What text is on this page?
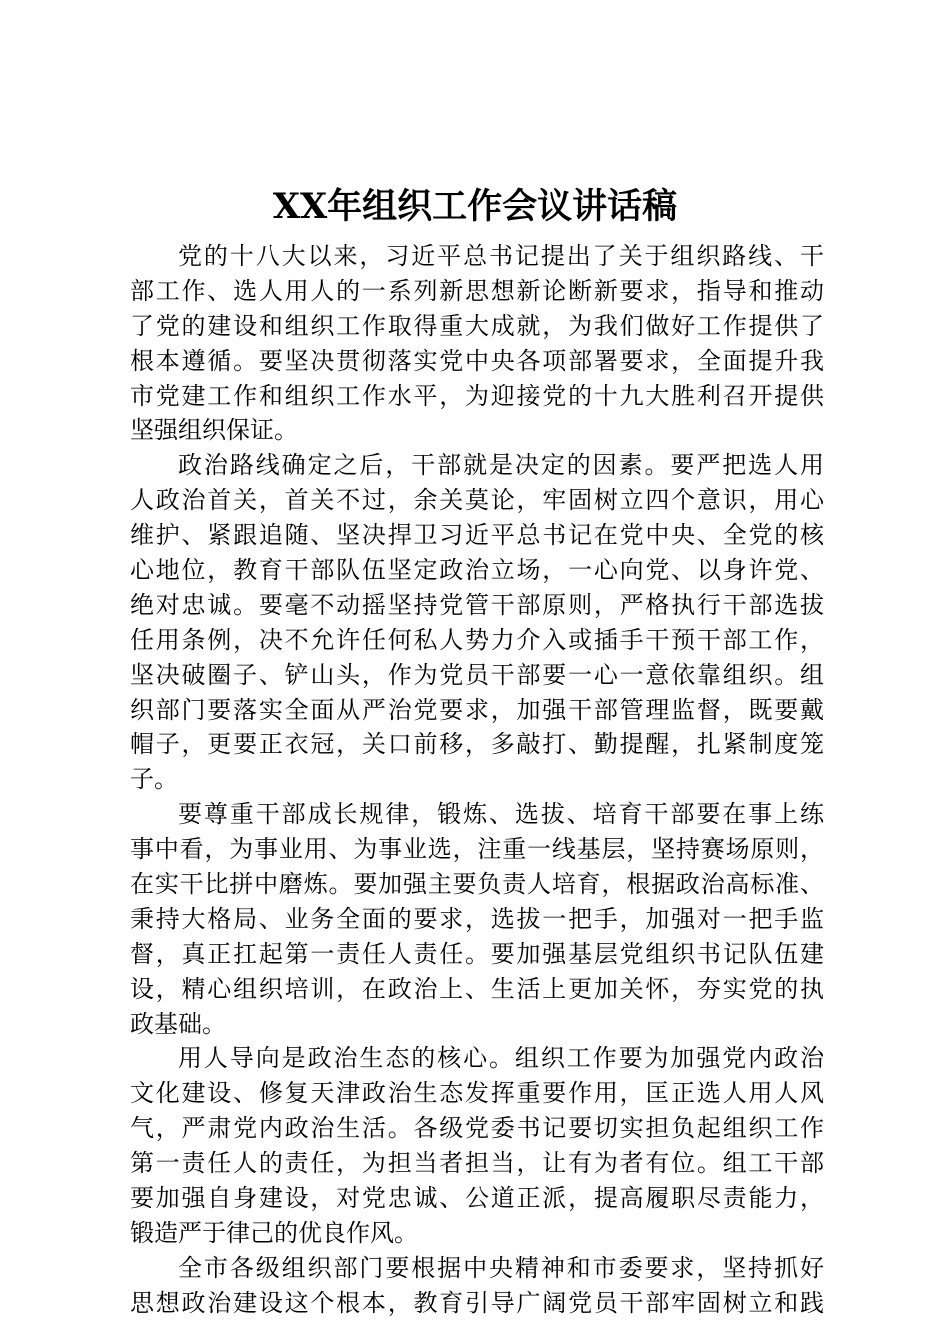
XX年组织工作会议讲话稿
党的十八大以来，习近平总书记提出了关于组织路线、干
部工作、选人用人的一系列新思想新论断新要求，指导和推动
了党的建设和组织工作取得重大成就，为我们做好工作提供了
根本遵循。要坚决贯彻落实党中央各项部署要求，全面提升我
市党建工作和组织工作水平，为迎接党的十九大胜利召开提供
坚强组织保证。
政治路线确定之后，干部就是决定的因素。要严把选人用
人政治首关，首关不过，余关莫论，牢固树立四个意识，用心
维护、紧跟追随、坚决捍卫习近平总书记在党中央、全党的核
心地位，教育干部队伍坚定政治立场，一心向党、以身许党、
绝对忠诚。要毫不动摇坚持党管干部原则，严格执行干部选拔
任用条例，决不允许任何私人势力介入或插手干预干部工作，
坚决破圈子、铲山头，作为党员干部要一心一意依靠组织。组
织部门要落实全面从严治党要求，加强干部管理监督，既要戴
帽子，更要正衣冠，关口前移，多敲打、勤提醒，扎紧制度笼
子。
要尊重干部成长规律，锻炼、选拔、培育干部要在事上练
事中看，为事业用、为事业选，注重一线基层，坚持赛场原则，
在实干比拼中磨炼。要加强主要负责人培育，根据政治高标准、
秉持大格局、业务全面的要求，选拔一把手，加强对一把手监
督，真正扛起第一责任人责任。要加强基层党组织书记队伍建
设，精心组织培训，在政治上、生活上更加关怀，夯实党的执
政基础。
用人导向是政治生态的核心。组织工作要为加强党内政治
文化建设、修复天津政治生态发挥重要作用，匡正选人用人风
气，严肃党内政治生活。各级党委书记要切实担负起组织工作
第一责任人的责任，为担当者担当，让有为者有位。组工干部
要加强自身建设，对党忠诚、公道正派，提高履职尽责能力，
锻造严于律己的优良作风。
全市各级组织部门要根据中央精神和市委要求，坚持抓好
思想政治建设这个根本，教育引导广阔党员干部牢固树立和践
